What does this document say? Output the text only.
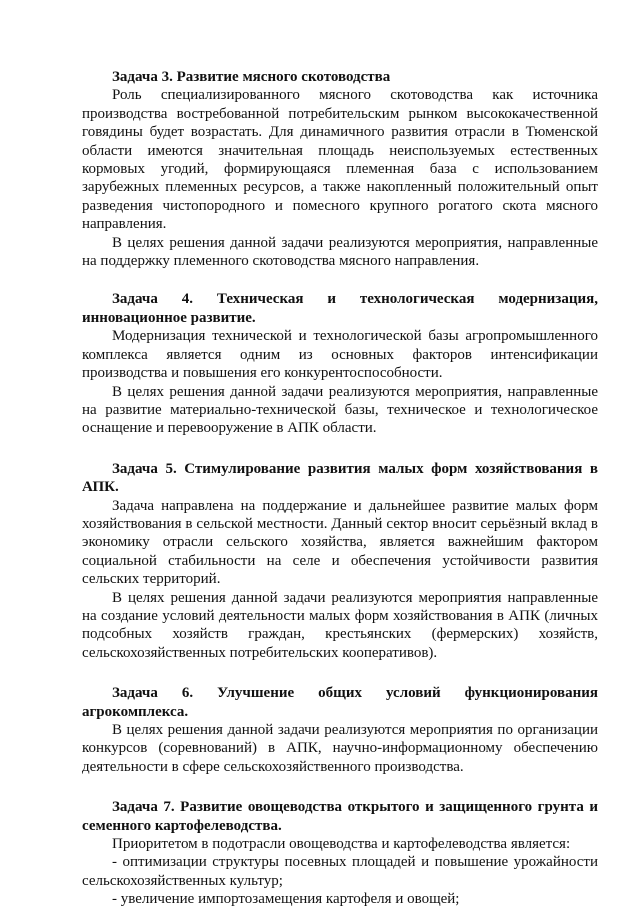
Задача 3. Развитие мясного скотоводства

Роль специализированного мясного скотоводства как источника производства востребованной потребительским рынком высококачественной говядины будет возрастать. Для динамичного развития отрасли в Тюменской области имеются значительная площадь неиспользуемых естественных кормовых угодий, формирующаяся племенная база с использованием зарубежных племенных ресурсов, а также накопленный положительный опыт разведения чистопородного и помесного крупного рогатого скота мясного направления.

В целях решения данной задачи реализуются мероприятия, направленные на поддержку племенного скотоводства мясного направления.

Задача 4. Техническая и технологическая модернизация, инновационное развитие.

Модернизация технической и технологической базы агропромышленного комплекса является одним из основных факторов интенсификации производства и повышения его конкурентоспособности.

В целях решения данной задачи реализуются мероприятия, направленные на развитие материально-технической базы, техническое и технологическое оснащение и перевооружение в АПК области.

Задача 5. Стимулирование развития малых форм хозяйствования в АПК.

Задача направлена на поддержание и дальнейшее развитие малых форм хозяйствования в сельской местности. Данный сектор вносит серьёзный вклад в экономику отрасли сельского хозяйства, является важнейшим фактором социальной стабильности на селе и обеспечения устойчивости развития сельских территорий.

В целях решения данной задачи реализуются мероприятия направленные на создание условий деятельности малых форм хозяйствования в АПК (личных подсобных хозяйств граждан, крестьянских (фермерских) хозяйств, сельскохозяйственных потребительских кооперативов).

Задача 6. Улучшение общих условий функционирования агрокомплекса.

В целях решения данной задачи реализуются мероприятия по организации конкурсов (соревнований) в АПК, научно-информационному обеспечению деятельности в сфере сельскохозяйственного производства.

Задача 7. Развитие овощеводства открытого и защищенного грунта и семенного картофелеводства.

Приоритетом в подотрасли овощеводства и картофелеводства является:

- оптимизации структуры посевных площадей и повышение урожайности сельскохозяйственных культур;

- увеличение импортозамещения картофеля и овощей;
